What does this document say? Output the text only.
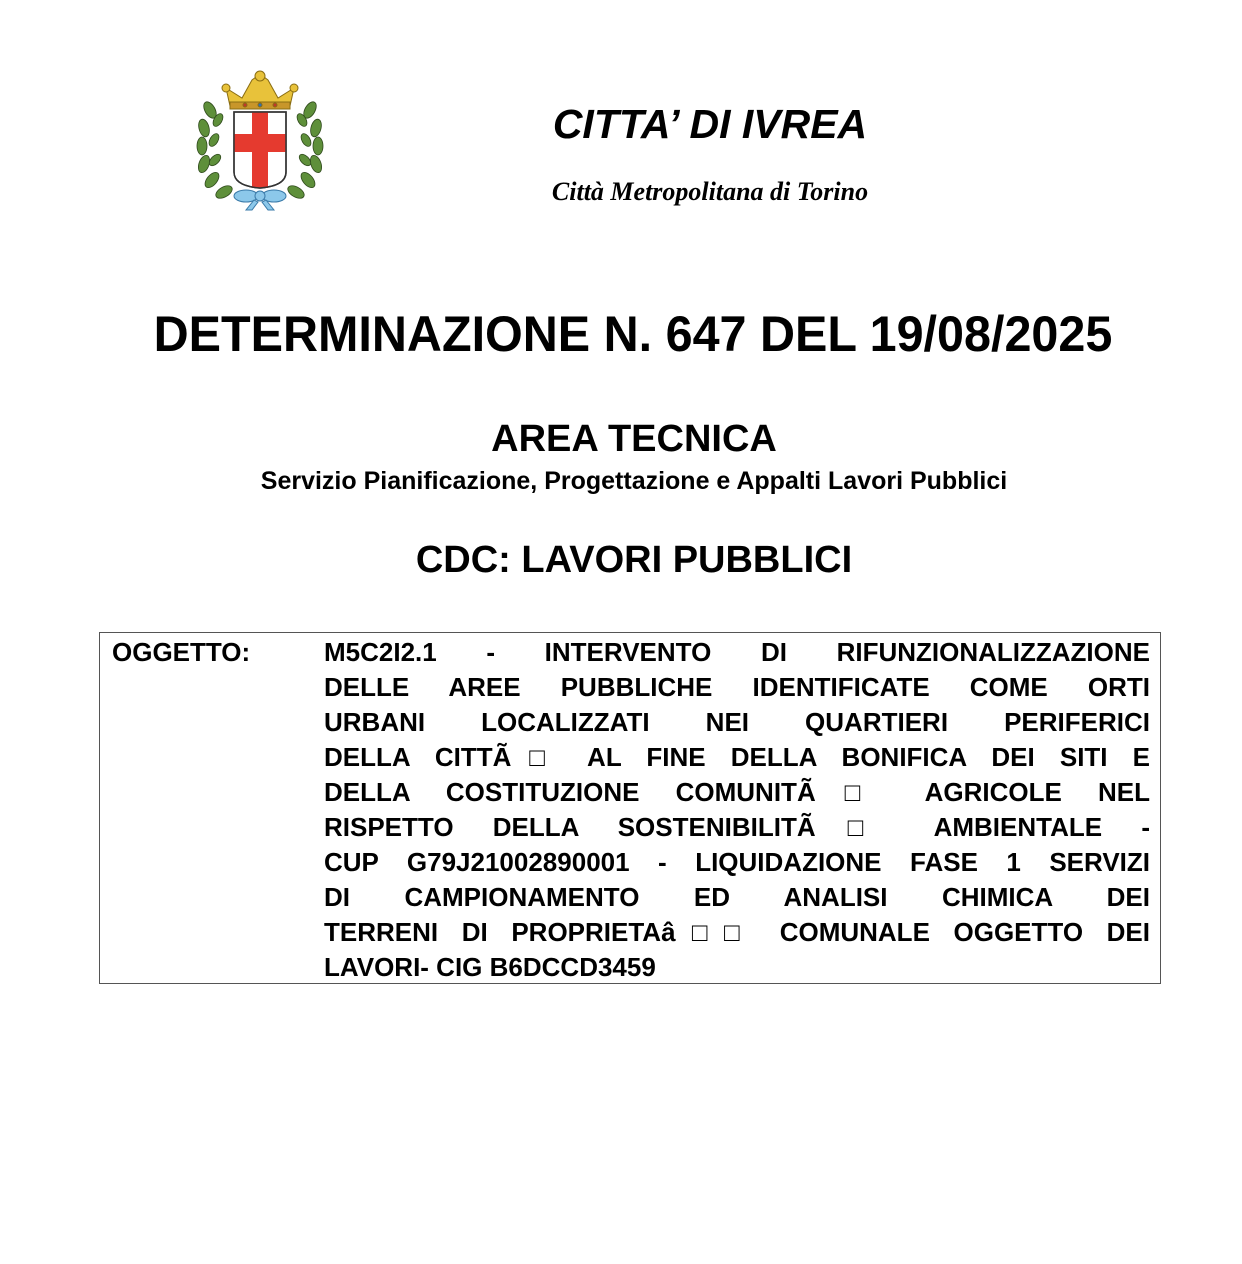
CITTA’ DI IVREA
Città Metropolitana di Torino
DETERMINAZIONE N. 647 DEL 19/08/2025
AREA TECNICA
Servizio Pianificazione, Progettazione e Appalti Lavori Pubblici
CDC: LAVORI PUBBLICI
OGGETTO:	M5C2I2.1 - INTERVENTO DI RIFUNZIONALIZZAZIONE
DELLE AREE PUBBLICHE IDENTIFICATE COME ORTI
URBANI LOCALIZZATI NEI QUARTIERI PERIFERICI
DELLA CITTÃ□ AL FINE DELLA BONIFICA DEI SITI E
DELLA COSTITUZIONE COMUNITÃ□ AGRICOLE NEL
RISPETTO DELLA SOSTENIBILITÃ□ AMBIENTALE -
CUP G79J21002890001 - LIQUIDAZIONE FASE 1 SERVIZI
DI CAMPIONAMENTO ED ANALISI CHIMICA DEI
TERRENI DI PROPRIETAâ□□ COMUNALE OGGETTO DEI
LAVORI- CIG B6DCCD3459
